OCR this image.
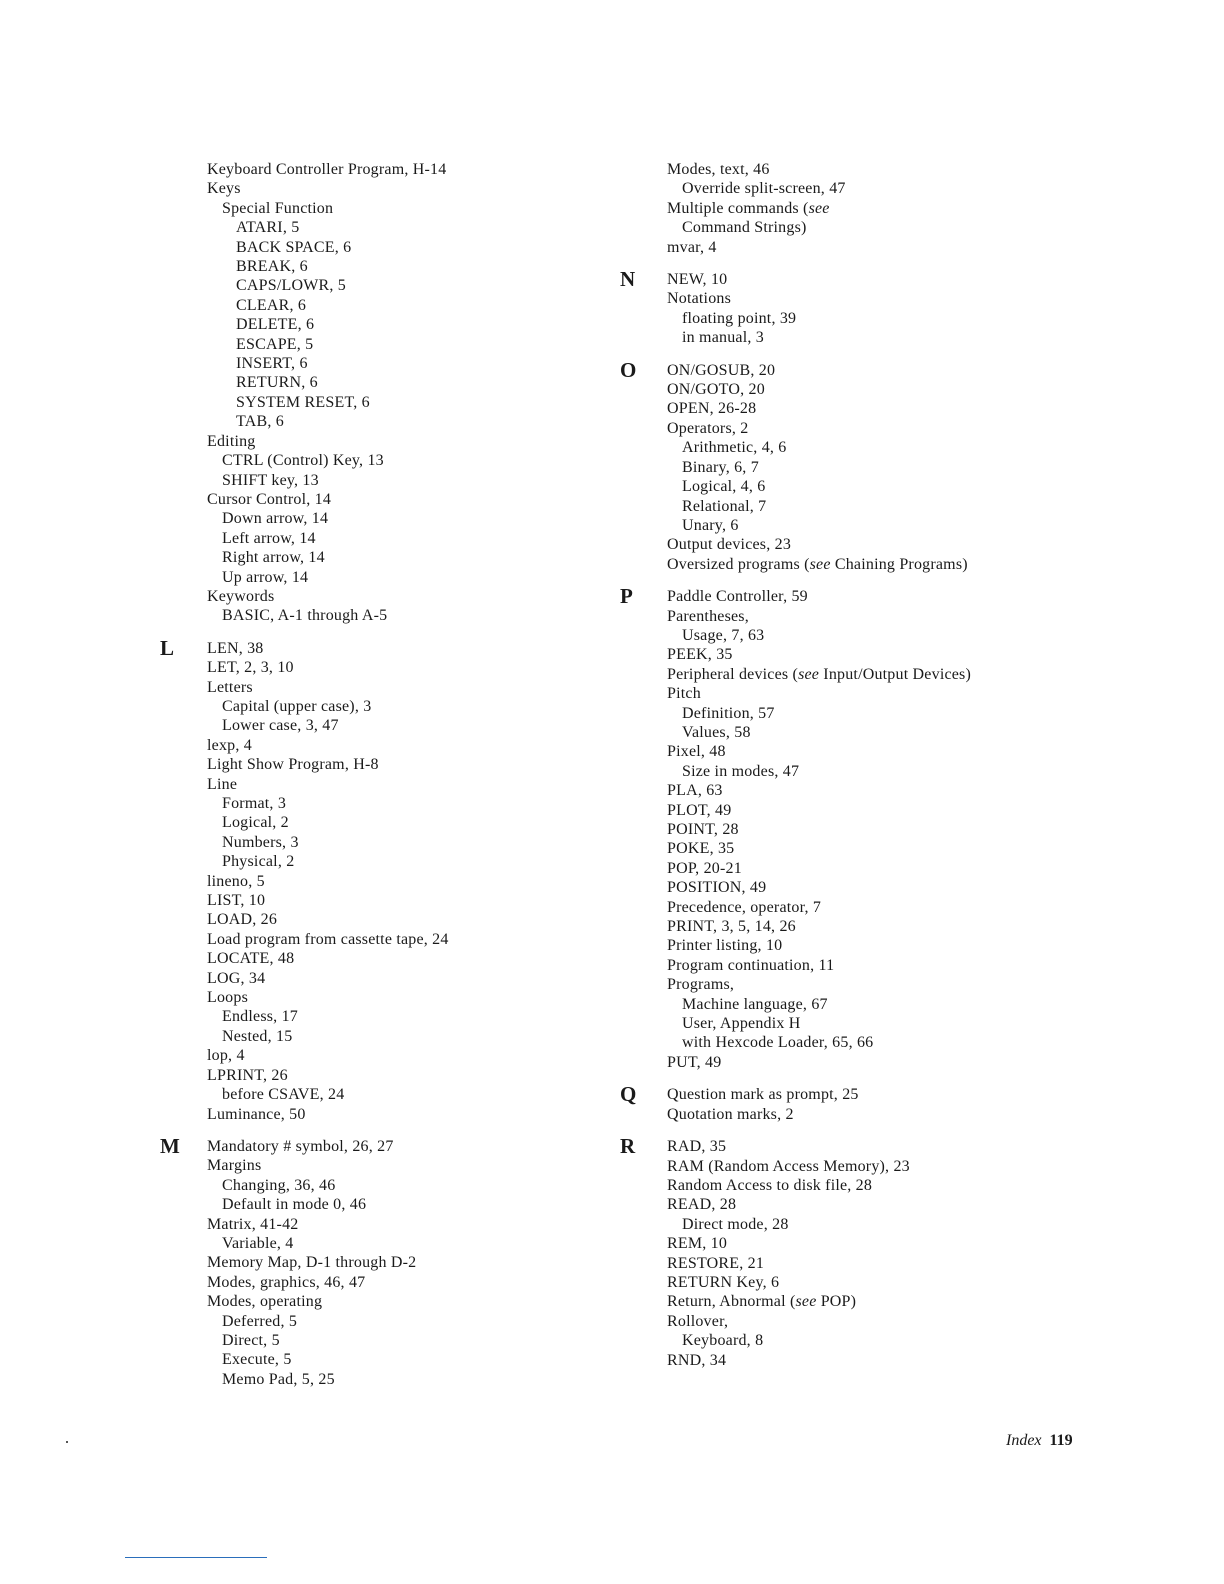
Keyboard Controller Program, H-14
Keys
Special Function
ATARI, 5
BACK SPACE, 6
BREAK, 6
CAPS/LOWR, 5
CLEAR, 6
DELETE, 6
ESCAPE, 5
INSERT, 6
RETURN, 6
SYSTEM RESET, 6
TAB, 6
Editing
CTRL (Control) Key, 13
SHIFT key, 13
Cursor Control, 14
Down arrow, 14
Left arrow, 14
Right arrow, 14
Up arrow, 14
Keywords
BASIC, A-1 through A-5
L LEN, 38
LET, 2, 3, 10
Letters
Capital (upper case), 3
Lower case, 3, 47
lexp, 4
Light Show Program, H-8
Line
Format, 3
Logical, 2
Numbers, 3
Physical, 2
lineno, 5
LIST, 10
LOAD, 26
Load program from cassette tape, 24
LOCATE, 48
LOG, 34
Loops
Endless, 17
Nested, 15
lop, 4
LPRINT, 26
before CSAVE, 24
Luminance, 50
M Mandatory # symbol, 26, 27
Margins
Changing, 36, 46
Default in mode 0, 46
Matrix, 41-42
Variable, 4
Memory Map, D-1 through D-2
Modes, graphics, 46, 47
Modes, operating
Deferred, 5
Direct, 5
Execute, 5
Memo Pad, 5, 25
Modes, text, 46
Override split-screen, 47
Multiple commands (see
Command Strings)
mvar, 4
N NEW, 10
Notations
floating point, 39
in manual, 3
O ON/GOSUB, 20
ON/GOTO, 20
OPEN, 26-28
Operators, 2
Arithmetic, 4, 6
Binary, 6, 7
Logical, 4, 6
Relational, 7
Unary, 6
Output devices, 23
Oversized programs (see Chaining Programs)
P Paddle Controller, 59
Parentheses,
Usage, 7, 63
PEEK, 35
Peripheral devices (see Input/Output Devices)
Pitch
Definition, 57
Values, 58
Pixel, 48
Size in modes, 47
PLA, 63
PLOT, 49
POINT, 28
POKE, 35
POP, 20-21
POSITION, 49
Precedence, operator, 7
PRINT, 3, 5, 14, 26
Printer listing, 10
Program continuation, 11
Programs,
Machine language, 67
User, Appendix H
with Hexcode Loader, 65, 66
PUT, 49
Q Question mark as prompt, 25
Quotation marks, 2
R RAD, 35
RAM (Random Access Memory), 23
Random Access to disk file, 28
READ, 28
Direct mode, 28
REM, 10
RESTORE, 21
RETURN Key, 6
Return, Abnormal (see POP)
Rollover,
Keyboard, 8
RND, 34
Index 119
